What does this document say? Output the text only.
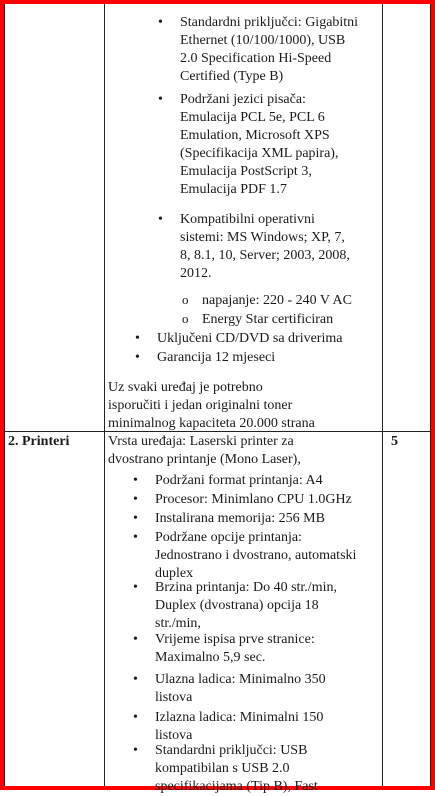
• Standardni priključci: Gigabitni
Ethernet (10/100/1000), USB
2.0 Specification Hi-Speed
Certified (Type B)
• Podržani jezici pisača:
Emulacija PCL 5e, PCL 6
Emulation, Microsoft XPS
(Specifikacija XML papira),
Emulacija PostScript 3,
Emulacija PDF 1.7
• Kompatibilni operativni
sistemi: MS Windows; XP, 7,
8, 8.1, 10, Server; 2003, 2008,
2012.
o napajanje: 220 - 240 V AC
o Energy Star certificiran
• Uključeni CD/DVD sa driverima
• Garancija 12 mjeseci
Uz svaki uređaj je potrebno
isporučiti i jedan originalni toner
minimalnog kapaciteta 20.000 strana
2. Printeri	5
Vrsta uređaja: Laserski printer za
dvostrano printanje (Mono Laser),
• Podržani format printanja: A4
• Procesor: Minimlano CPU 1.0GHz
• Instalirana memorija: 256 MB
• Podržane opcije printanja:
Jednostrano i dvostrano, automatski
duplex
• Brzina printanja: Do 40 str./min,
Duplex (dvostrana) opcija 18
str./min,
• Vrijeme ispisa prve stranice:
Maximalno 5,9 sec.
• Ulazna ladica: Minimalno 350
listova
• Izlazna ladica: Minimalni 150
listova
• Standardni priključci: USB
kompatibilan s USB 2.0
specifikacijama (Tip B), Fast
